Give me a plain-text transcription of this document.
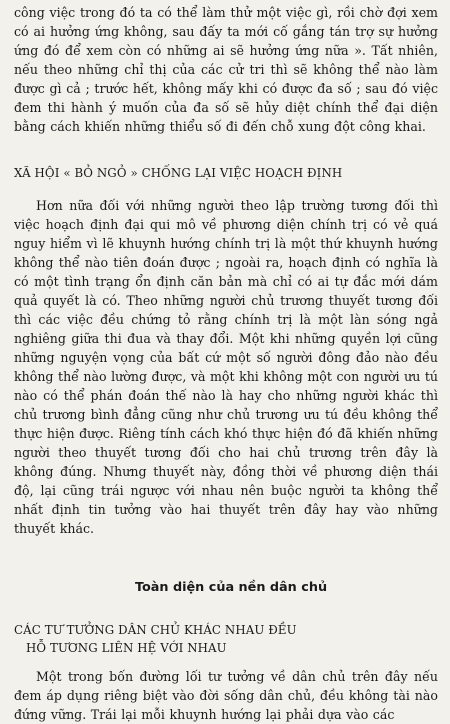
công việc trong đó ta có thể làm thử một việc gì, rồi chờ đợi xem có ai hưởng ứng không, sau đấy ta mới cố gắng tán trợ sự hưởng ứng đó để xem còn có những ai sẽ hưởng ứng nữa ». Tất nhiên, nếu theo những chỉ thị của các cử tri thì sẽ không thể nào làm được gì cả ; trước hết, không mấy khi có được đa số ; sau đó việc đem thi hành ý muốn của đa số sẽ hủy diệt chính thể đại diện bằng cách khiến những thiểu số đi đến chỗ xung đột công khai.

XÃ HỘI « BỎ NGỎ » CHỐNG LẠI VIỆC HOẠCH ĐỊNH

Hơn nữa đối với những người theo lập trường tương đối thì việc hoạch định đại qui mô về phương diện chính trị có vẻ quá nguy hiểm vì lẽ khuynh hướng chính trị là một thứ khuynh hướng không thể nào tiên đoán được ; ngoài ra, hoạch định có nghĩa là có một tình trạng ổn định căn bản mà chỉ có ai tự đắc mới dám quả quyết là có. Theo những người chủ trương thuyết tương đối thì các việc đều chứng tỏ rằng chính trị là một làn sóng ngả nghiêng giữa thi đua và thay đổi. Một khi những quyền lợi cũng những nguyện vọng của bất cứ một số người đông đảo nào đều không thể nào lường được, và một khi không một con người ưu tú nào có thể phán đoán thế nào là hay cho những người khác thì chủ trương bình đẳng cũng như chủ trương ưu tú đều không thể thực hiện được. Riêng tính cách khó thực hiện đó đã khiến những người theo thuyết tương đối cho hai chủ trương trên đây là không đúng. Nhưng thuyết này, đồng thời về phương diện thái độ, lại cũng trái ngược với nhau nên buộc người ta không thể nhất định tin tưởng vào hai thuyết trên đây hay vào những thuyết khác.

Toàn diện của nền dân chủ

CÁC TƯ TƯỞNG DÂN CHỦ KHÁC NHAU ĐỀU

HỖ TƯƠNG LIÊN HỆ VỚI NHAU

Một trong bốn đường lối tư tưởng về dân chủ trên đây nếu đem áp dụng riêng biệt vào đời sống dân chủ, đều không tài nào đứng vững. Trái lại mỗi khuynh hướng lại phải dựa vào các
